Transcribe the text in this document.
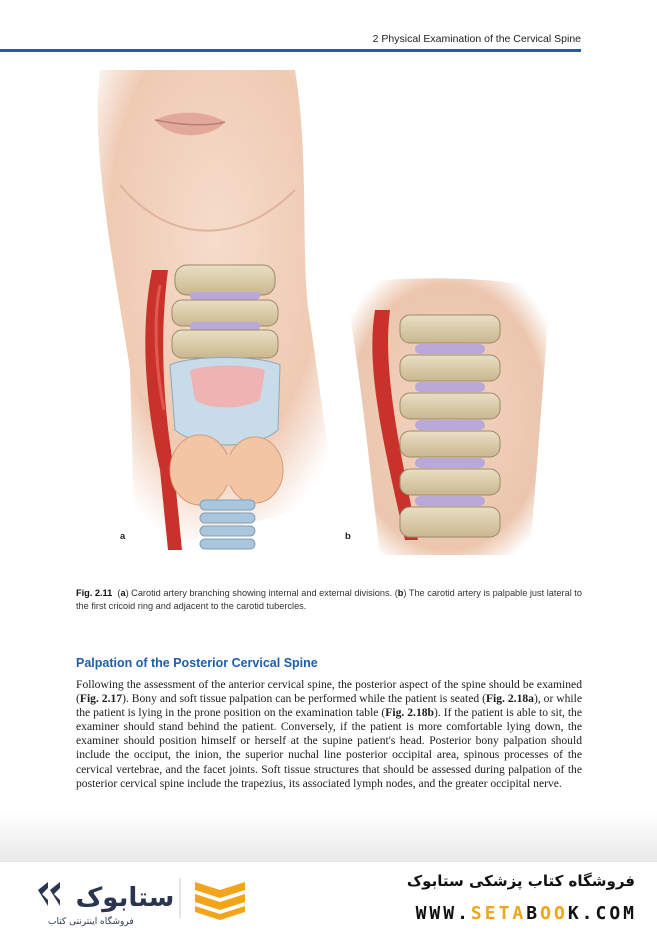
2 Physical Examination of the Cervical Spine
a	b
Fig. 2.11  (a) Carotid artery branching showing internal and external divisions. (b) The carotid artery is palpable just lateral to the first cricoid ring and adjacent to the carotid tubercles.
Palpation of the Posterior Cervical Spine
Following the assessment of the anterior cervical spine, the posterior aspect of the spine should be examined (Fig. 2.17). Bony and soft tissue palpation can be performed while the patient is seated (Fig. 2.18a), or while the patient is lying in the prone position on the examination table (Fig. 2.18b). If the patient is able to sit, the examiner should stand behind the patient. Conversely, if the patient is more comfortable lying down, the examiner should position himself or herself at the supine patient's head. Posterior bony palpation should include the occiput, the inion, the superior nuchal line posterior occipital area, spinous processes of the cervical vertebrae, and the facet joints. Soft tissue structures that should be assessed during palpation of the posterior cervical spine include the trapezius, its associated lymph nodes, and the greater occipital nerve.
ستابوک
فروشگاه اینترنتی کتاب
فروشگاه کتاب پزشکی ستابوک
WWW.SETABOOK.COM
